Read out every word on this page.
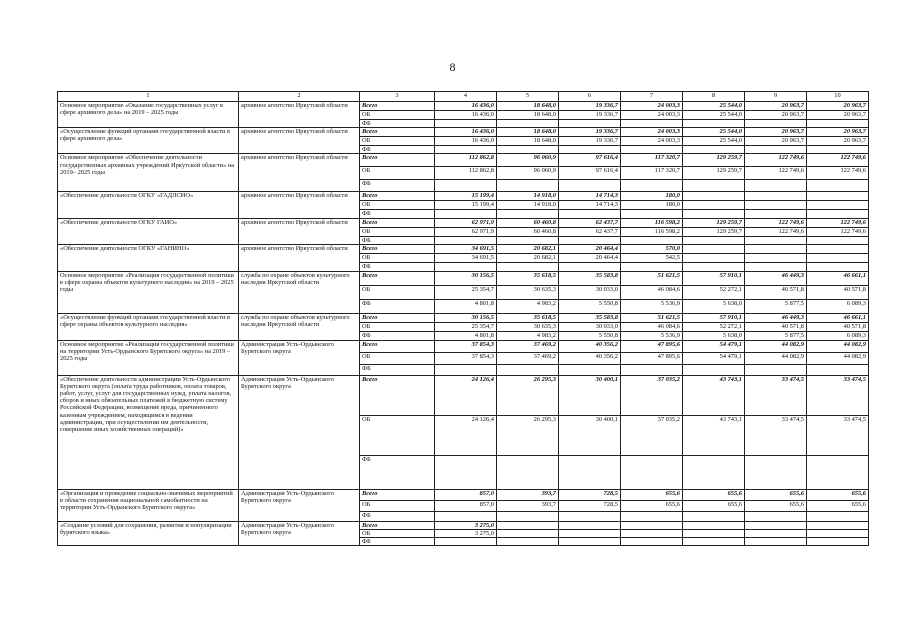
8
1	2	3	4	5	6	7	8	9	10
Основное мероприятие «Оказание государственных услуг в сфере архивного дела» на 2019 – 2025 годы	архивное агентство Иркутской области	Всего	16 436,0	18 648,0	19 336,7	24 003,3	25 544,0	20 963,7	20 963,7
		ОБ	16 436,0	18 648,0	19 336,7	24 003,3	25 544,0	20 963,7	20 963,7
		ФБ							
«Осуществление функций органами государственной власти в сфере архивного дела»	архивное агентство Иркутской области	Всего	16 436,0	18 648,0	19 336,7	24 003,3	25 544,0	20 963,7	20 963,7
		ОБ	16 436,0	18 648,0	19 336,7	24 003,3	25 544,0	20 963,7	20 963,7
		ФБ							
Основное мероприятие «Обеспечение деятельности государственных архивных учреждений Иркутской области» на 2019– 2025 годы	архивное агентство Иркутской области	Всего	112 862,8	96 060,9	97 616,4	117 320,7	129 259,7	122 749,6	122 749,6
		ОБ	112 862,8	96 060,9	97 616,4	117 320,7	129 259,7	122 749,6	122 749,6
		ФБ							
«Обеспечение деятельности ОГКУ «ГАДЛСИО»	архивное агентство Иркутской области	Всего	15 199,4	14 918,0	14 714,3	180,0			
		ОБ	15 199,4	14 918,0	14 714,3	180,0			
		ФБ							
«Обеспечение деятельности ОГКУ ГАИО»	архивное агентство Иркутской области	Всего	62 971,9	60 460,8	62 437,7	116 598,2	129 259,7	122 749,6	122 749,6
		ОБ	62 971,9	60 460,8	62 437,7	116 598,2	129 259,7	122 749,6	122 749,6
		ФБ							
«Обеспечение деятельности ОГКУ «ГАНИНО»	архивное агентство Иркутской области	Всего	34 691,5	20 682,1	20 464,4	570,0			
		ОБ	34 691,5	20 682,1	20 464,4	542,5			
		ФБ							
Основное мероприятие «Реализация государственной политики в сфере охраны объектов культурного наследия» на 2019 – 2025 годы	служба по охране объектов культурного наследия Иркутской области	Всего	30 156,5	35 618,5	35 583,8	51 621,5	57 910,1	46 449,3	46 661,1
		ОБ	25 354,7	30 635,3	30 033,0	46 084,6	52 272,1	40 571,8	40 571,8
		ФБ	4 801,8	4 983,2	5 550,8	5 536,9	5 638,0	5 877,5	6 089,3
«Осуществление функций органами государственной власти в сфере охраны объектов культурного наследия»	служба по охране объектов культурного наследия Иркутской области	Всего	30 156,5	35 618,5	35 583,8	51 621,5	57 910,1	46 449,3	46 661,1
		ОБ	25 354,7	30 635,3	30 033,0	46 084,6	52 272,1	40 571,8	40 571,8
		ФБ	4 801,8	4 983,2	5 550,8	5 536,9	5 638,0	5 877,5	6 089,3
Основное мероприятие «Реализация государственной политики на территории Усть-Ордынского Бурятского округа» на 2019 – 2025 годы	Администрация Усть-Ордынского Бурятского округа	Всего	37 854,3	37 469,2	40 356,2	47 895,6	54 479,1	44 082,9	44 082,9
		ОБ	37 854,3	37 469,2	40 356,2	47 895,6	54 479,1	44 082,9	44 082,9
		ФБ							
«Обеспечение деятельности администрации Усть-Ордынского Бурятского округа (оплата труда работников, оплата товаров, работ, услуг, услуг для государственных нужд, уплата налогов, сборов и иных обязательных платежей в бюджетную систему Российской Федерации, возмещение вреда, причиненного казенным учреждением, находящимся в ведении администрации, при осуществлении им деятельности, совершение иных хозяйственных операций)»	Администрация Усть-Ордынского Бурятского округа	Всего	24 126,4	26 295,3	30 400,1	37 035,2	43 743,1	33 474,5	33 474,5
		ОБ	24 126,4	26 295,3	30 400,1	37 035,2	43 743,1	33 474,5	33 474,5
		ФБ							
«Организация и проведение социально-значимых мероприятий в области сохранения национальной самобытности на территории Усть-Ордынского Бурятского округа»	Администрация Усть-Ордынского Бурятского округа	Всего	857,0	393,7	728,5	655,6	655,6	655,6	655,6
		ОБ	857,0	393,7	728,5	655,6	655,6	655,6	655,6
		ФБ							
«Создание условий для сохранения, развития и популяризации бурятского языка»	Администрация Усть-Ордынского Бурятского округа	Всего	3 275,0						
		ОБ	3 275,0						
		ФБ							
